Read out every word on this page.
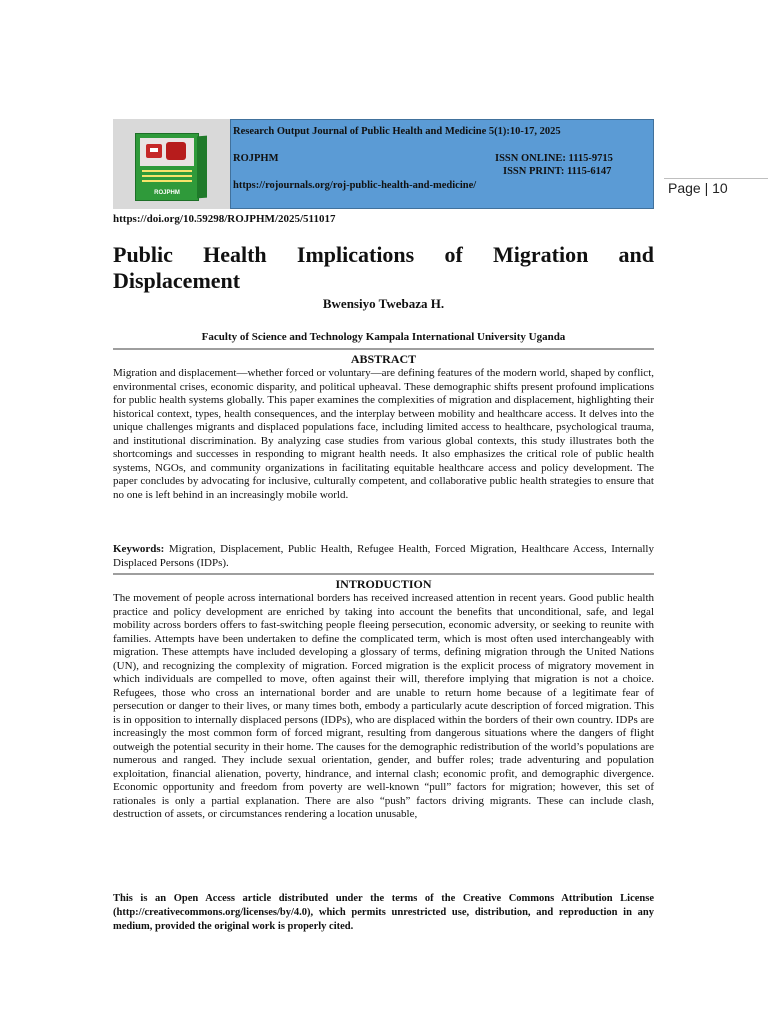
ROJPHM
Research Output Journal of Public Health and Medicine 5(1):10-17, 2025
ROJPHM	ISSN ONLINE: 1115-9715
ISSN PRINT: 1115-6147
https://rojournals.org/roj-public-health-and-medicine/	Page | 10
https://doi.org/10.59298/ROJPHM/2025/511017
Public Health Implications of Migration and Displacement
Bwensiyo Twebaza H.
Faculty of Science and Technology Kampala International University Uganda
ABSTRACT
Migration and displacement—whether forced or voluntary—are defining features of the modern world, shaped by conflict, environmental crises, economic disparity, and political upheaval. These demographic shifts present profound implications for public health systems globally. This paper examines the complexities of migration and displacement, highlighting their historical context, types, health consequences, and the interplay between mobility and healthcare access. It delves into the unique challenges migrants and displaced populations face, including limited access to healthcare, psychological trauma, and institutional discrimination. By analyzing case studies from various global contexts, this study illustrates both the shortcomings and successes in responding to migrant health needs. It also emphasizes the critical role of public health systems, NGOs, and community organizations in facilitating equitable healthcare access and policy development. The paper concludes by advocating for inclusive, culturally competent, and collaborative public health strategies to ensure that no one is left behind in an increasingly mobile world.
Keywords: Migration, Displacement, Public Health, Refugee Health, Forced Migration, Healthcare Access, Internally Displaced Persons (IDPs).
INTRODUCTION
The movement of people across international borders has received increased attention in recent years. Good public health practice and policy development are enriched by taking into account the benefits that unconditional, safe, and legal mobility across borders offers to fast-switching people fleeing persecution, economic adversity, or seeking to reunite with families. Attempts have been undertaken to define the complicated term, which is most often used interchangeably with migration. These attempts have included developing a glossary of terms, defining migration through the United Nations (UN), and recognizing the complexity of migration. Forced migration is the explicit process of migratory movement in which individuals are compelled to move, often against their will, therefore implying that migration is not a choice. Refugees, those who cross an international border and are unable to return home because of a legitimate fear of persecution or danger to their lives, or many times both, embody a particularly acute description of forced migration. This is in opposition to internally displaced persons (IDPs), who are displaced within the borders of their own country. IDPs are increasingly the most common form of forced migrant, resulting from dangerous situations where the dangers of flight outweigh the potential security in their home. The causes for the demographic redistribution of the world’s populations are numerous and ranged. They include sexual orientation, gender, and buffer roles; trade adventuring and population exploitation, financial alienation, poverty, hindrance, and internal clash; economic profit, and demographic divergence. Economic opportunity and freedom from poverty are well-known “pull” factors for migration; however, this set of rationales is only a partial explanation. There are also “push” factors driving migrants. These can include clash, destruction of assets, or circumstances rendering a location unusable,
This is an Open Access article distributed under the terms of the Creative Commons Attribution License (http://creativecommons.org/licenses/by/4.0), which permits unrestricted use, distribution, and reproduction in any medium, provided the original work is properly cited.
